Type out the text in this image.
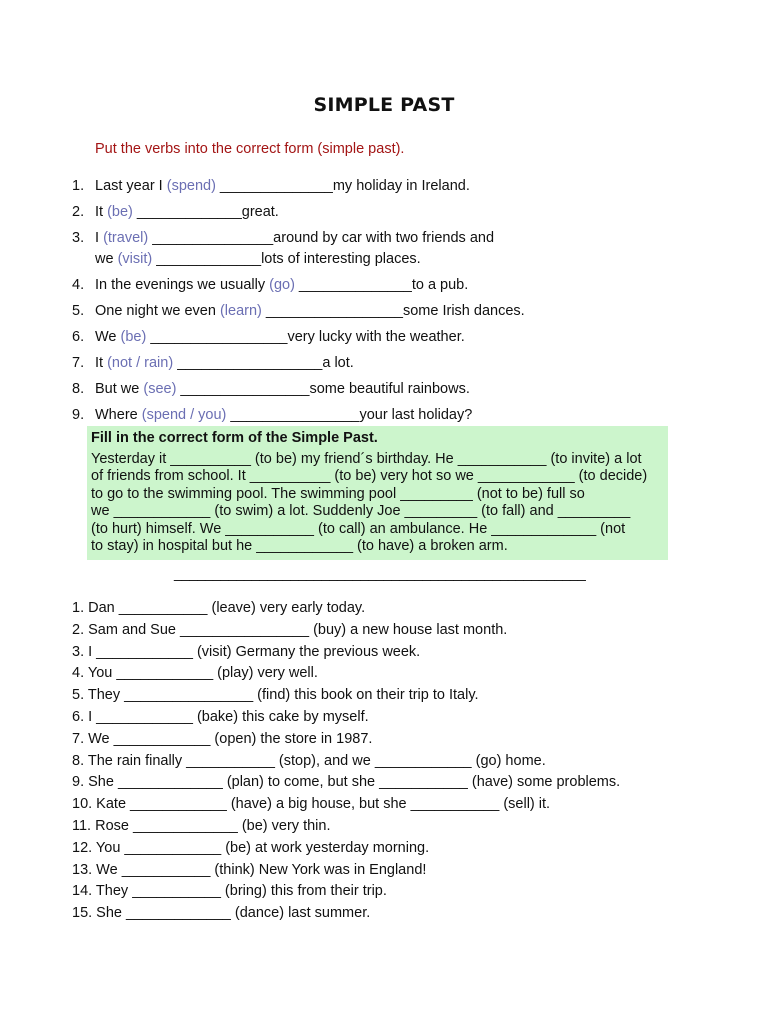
SIMPLE PAST
Put the verbs into the correct form (simple past).
1. Last year I (spend) ______________my holiday in Ireland.
2. It (be) _____________great.
3. I (travel) _______________around by car with two friends and
we (visit) _____________lots of interesting places.
4. In the evenings we usually (go) ______________to a pub.
5. One night we even (learn) _________________some Irish dances.
6. We (be) _________________very lucky with the weather.
7. It (not / rain) __________________a lot.
8. But we (see) ________________some beautiful rainbows.
9. Where (spend / you) ________________your last holiday?
Fill in the correct form of the Simple Past.
Yesterday it __________ (to be) my friend´s birthday. He ___________ (to invite) a lot
of friends from school. It __________ (to be) very hot so we ____________ (to decide)
to go to the swimming pool. The swimming pool _________ (not to be) full so
we ____________ (to swim) a lot. Suddenly Joe _________ (to fall) and _________
(to hurt) himself. We ___________ (to call) an ambulance. He _____________ (not
to stay) in hospital but he ____________ (to have) a broken arm.
_____________________________________________________
1. Dan ___________ (leave) very early today.
2. Sam and Sue ________________ (buy) a new house last month.
3. I ____________ (visit) Germany the previous week.
4. You ____________ (play) very well.
5. They ________________ (find) this book on their trip to Italy.
6. I ____________ (bake) this cake by myself.
7. We ____________ (open) the store in 1987.
8. The rain finally ___________ (stop), and we ____________ (go) home.
9. She _____________ (plan) to come, but she ___________ (have) some problems.
10. Kate ____________ (have) a big house, but she ___________ (sell) it.
11. Rose _____________ (be) very thin.
12. You ____________ (be) at work yesterday morning.
13. We ___________ (think) New York was in England!
14. They ___________ (bring) this from their trip.
15. She _____________ (dance) last summer.
